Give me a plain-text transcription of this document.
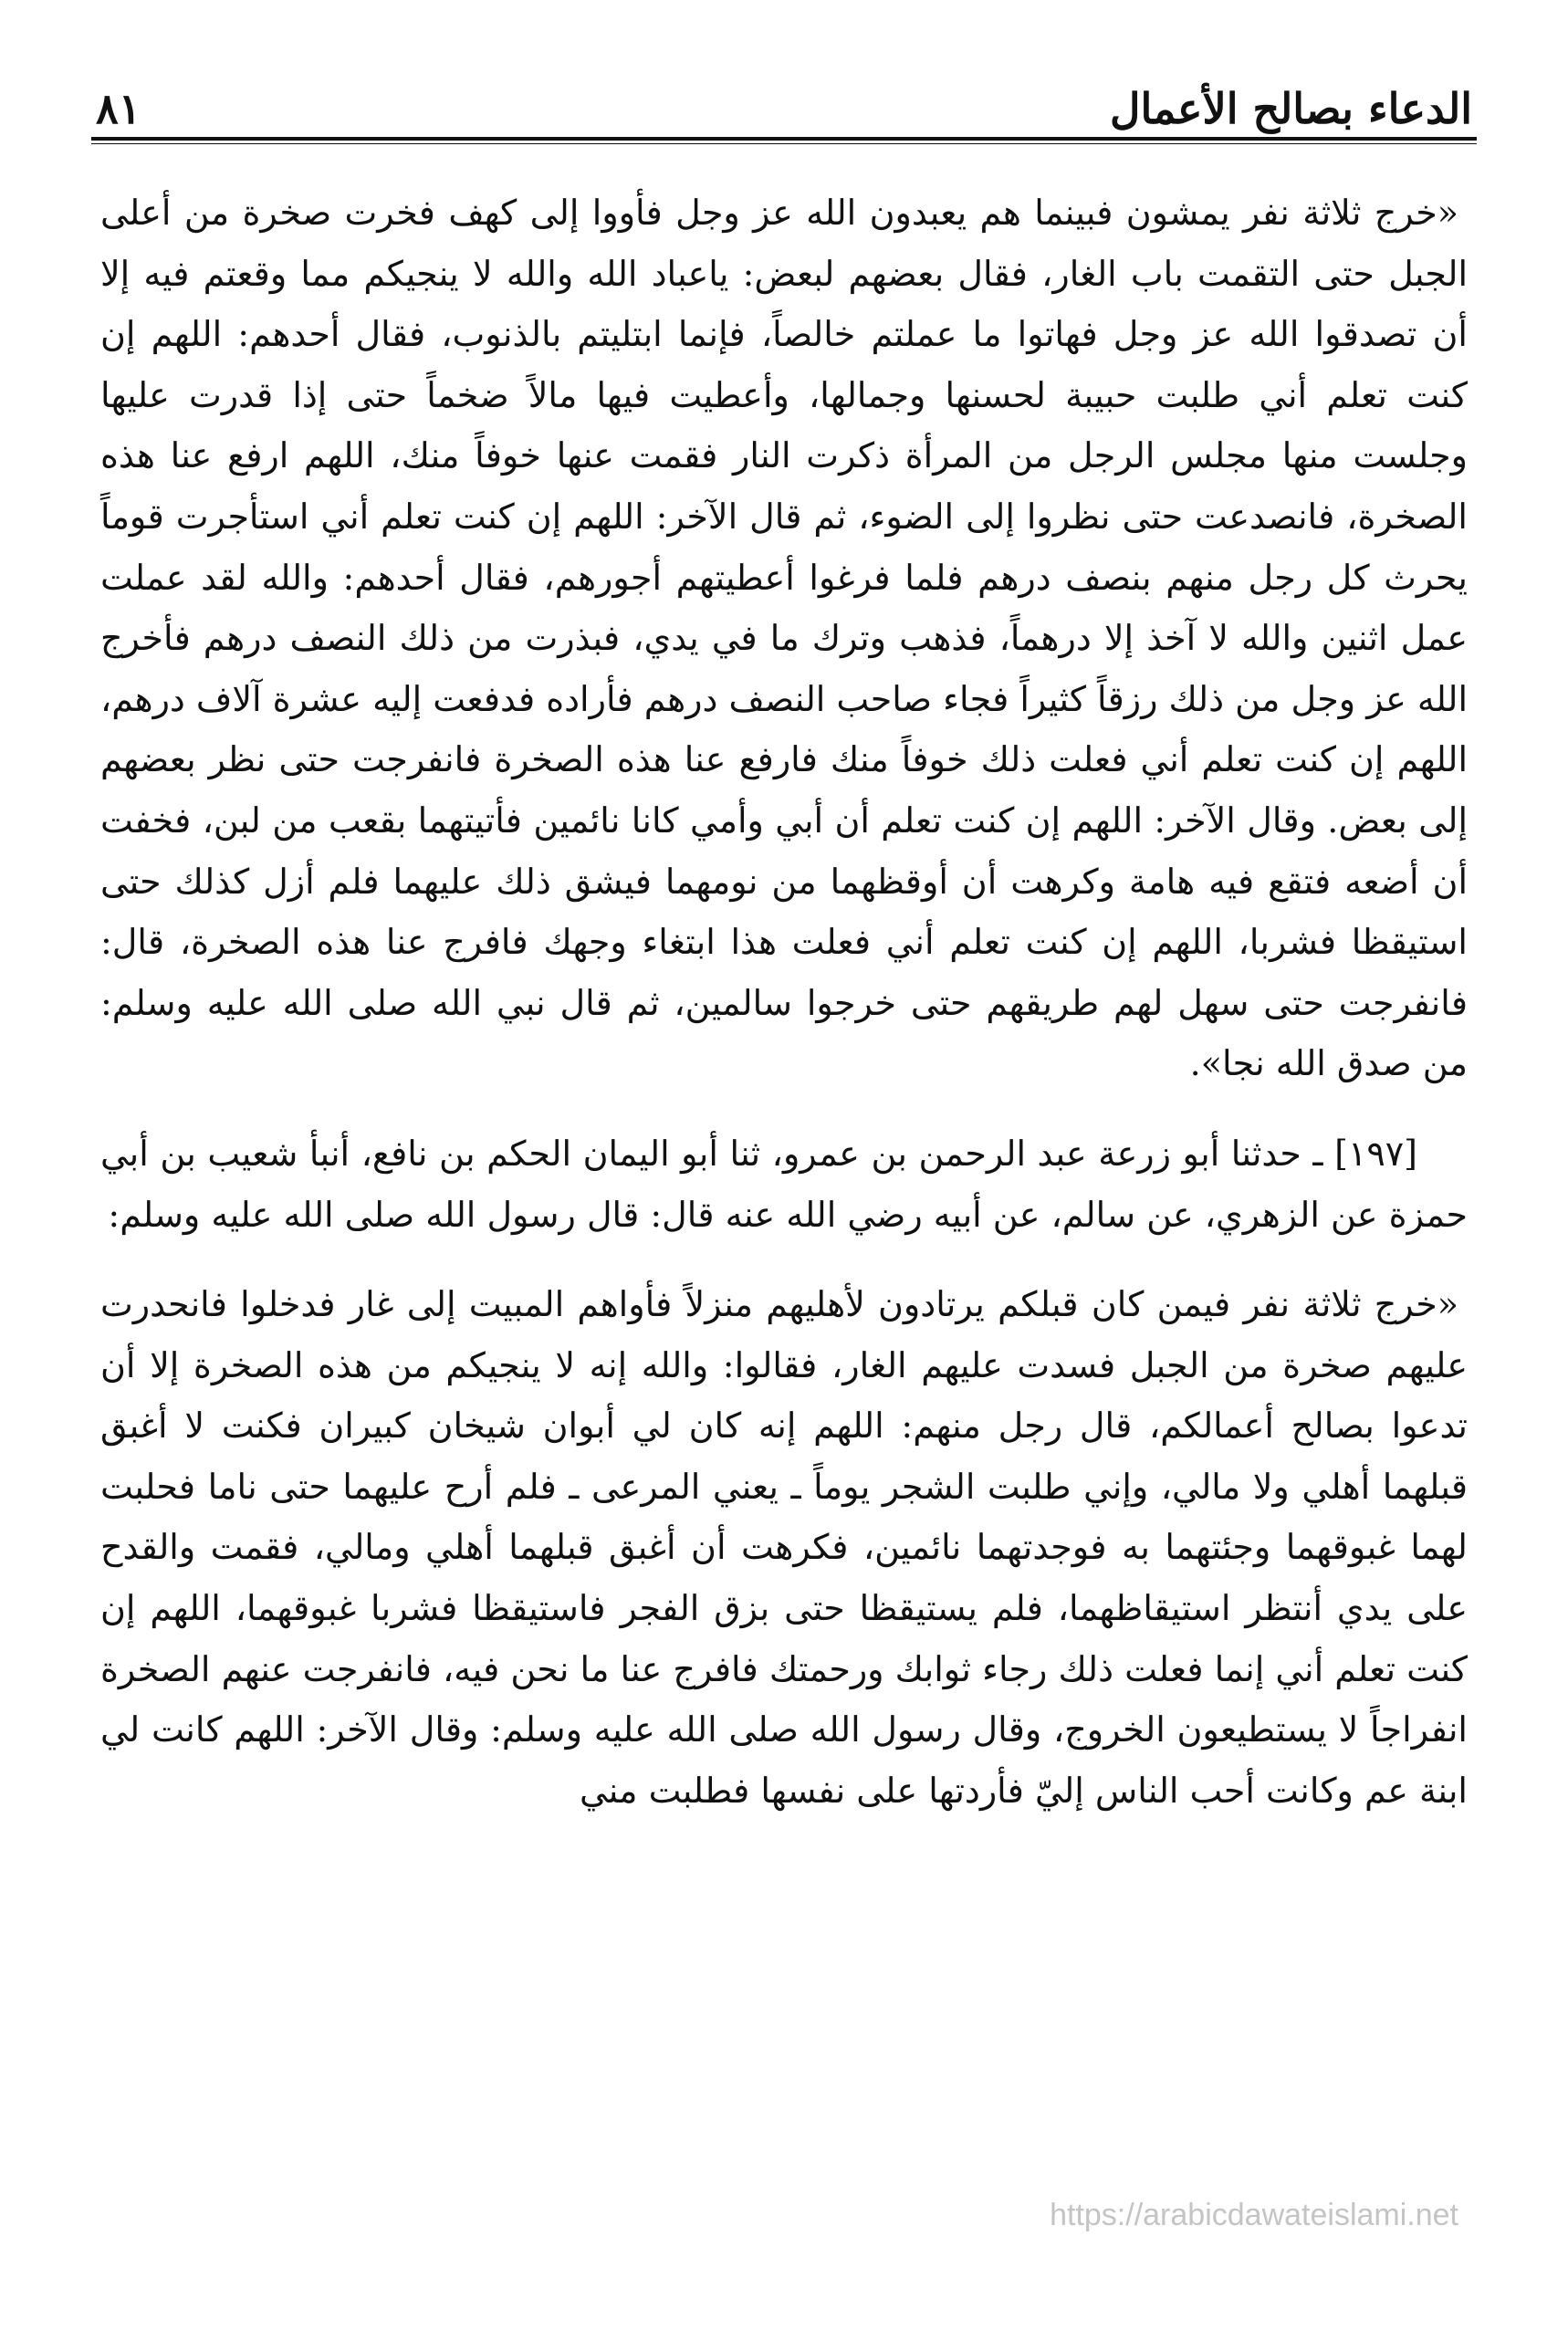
الدعاء بصالح الأعمال
٨١

«خرج ثلاثة نفر يمشون فبينما هم يعبدون الله عز وجل فأووا إلى كهف فخرت صخرة من أعلى الجبل حتى التقمت باب الغار، فقال بعضهم لبعض: ياعباد الله والله لا ينجيكم مما وقعتم فيه إلا أن تصدقوا الله عز وجل فهاتوا ما عملتم خالصاً، فإنما ابتليتم بالذنوب، فقال أحدهم: اللهم إن كنت تعلم أني طلبت حبيبة لحسنها وجمالها، وأعطيت فيها مالاً ضخماً حتى إذا قدرت عليها وجلست منها مجلس الرجل من المرأة ذكرت النار فقمت عنها خوفاً منك، اللهم ارفع عنا هذه الصخرة، فانصدعت حتى نظروا إلى الضوء، ثم قال الآخر: اللهم إن كنت تعلم أني استأجرت قوماً يحرث كل رجل منهم بنصف درهم فلما فرغوا أعطيتهم أجورهم، فقال أحدهم: والله لقد عملت عمل اثنين والله لا آخذ إلا درهماً، فذهب وترك ما في يدي، فبذرت من ذلك النصف درهم فأخرج الله عز وجل من ذلك رزقاً كثيراً فجاء صاحب النصف درهم فأراده فدفعت إليه عشرة آلاف درهم، اللهم إن كنت تعلم أني فعلت ذلك خوفاً منك فارفع عنا هذه الصخرة فانفرجت حتى نظر بعضهم إلى بعض. وقال الآخر: اللهم إن كنت تعلم أن أبي وأمي كانا نائمين فأتيتهما بقعب من لبن، فخفت أن أضعه فتقع فيه هامة وكرهت أن أوقظهما من نومهما فيشق ذلك عليهما فلم أزل كذلك حتى استيقظا فشربا، اللهم إن كنت تعلم أني فعلت هذا ابتغاء وجهك فافرج عنا هذه الصخرة، قال: فانفرجت حتى سهل لهم طريقهم حتى خرجوا سالمين، ثم قال نبي الله صلى الله عليه وسلم: من صدق الله نجا».

[١٩٧] ـ حدثنا أبو زرعة عبد الرحمن بن عمرو، ثنا أبو اليمان الحكم بن نافع، أنبأ شعيب بن أبي حمزة عن الزهري، عن سالم، عن أبيه رضي الله عنه قال: قال رسول الله صلى الله عليه وسلم:

«خرج ثلاثة نفر فيمن كان قبلكم يرتادون لأهليهم منزلاً فأواهم المبيت إلى غار فدخلوا فانحدرت عليهم صخرة من الجبل فسدت عليهم الغار، فقالوا: والله إنه لا ينجيكم من هذه الصخرة إلا أن تدعوا بصالح أعمالكم، قال رجل منهم: اللهم إنه كان لي أبوان شيخان كبيران فكنت لا أغبق قبلهما أهلي ولا مالي، وإني طلبت الشجر يوماً ـ يعني المرعى ـ فلم أرح عليهما حتى ناما فحلبت لهما غبوقهما وجئتهما به فوجدتهما نائمين، فكرهت أن أغبق قبلهما أهلي ومالي، فقمت والقدح على يدي أنتظر استيقاظهما، فلم يستيقظا حتى بزق الفجر فاستيقظا فشربا غبوقهما، اللهم إن كنت تعلم أني إنما فعلت ذلك رجاء ثوابك ورحمتك فافرج عنا ما نحن فيه، فانفرجت عنهم الصخرة انفراجاً لا يستطيعون الخروج، وقال رسول الله صلى الله عليه وسلم: وقال الآخر: اللهم كانت لي ابنة عم وكانت أحب الناس إليّ فأردتها على نفسها فطلبت مني

https://arabicdawateislami.net
